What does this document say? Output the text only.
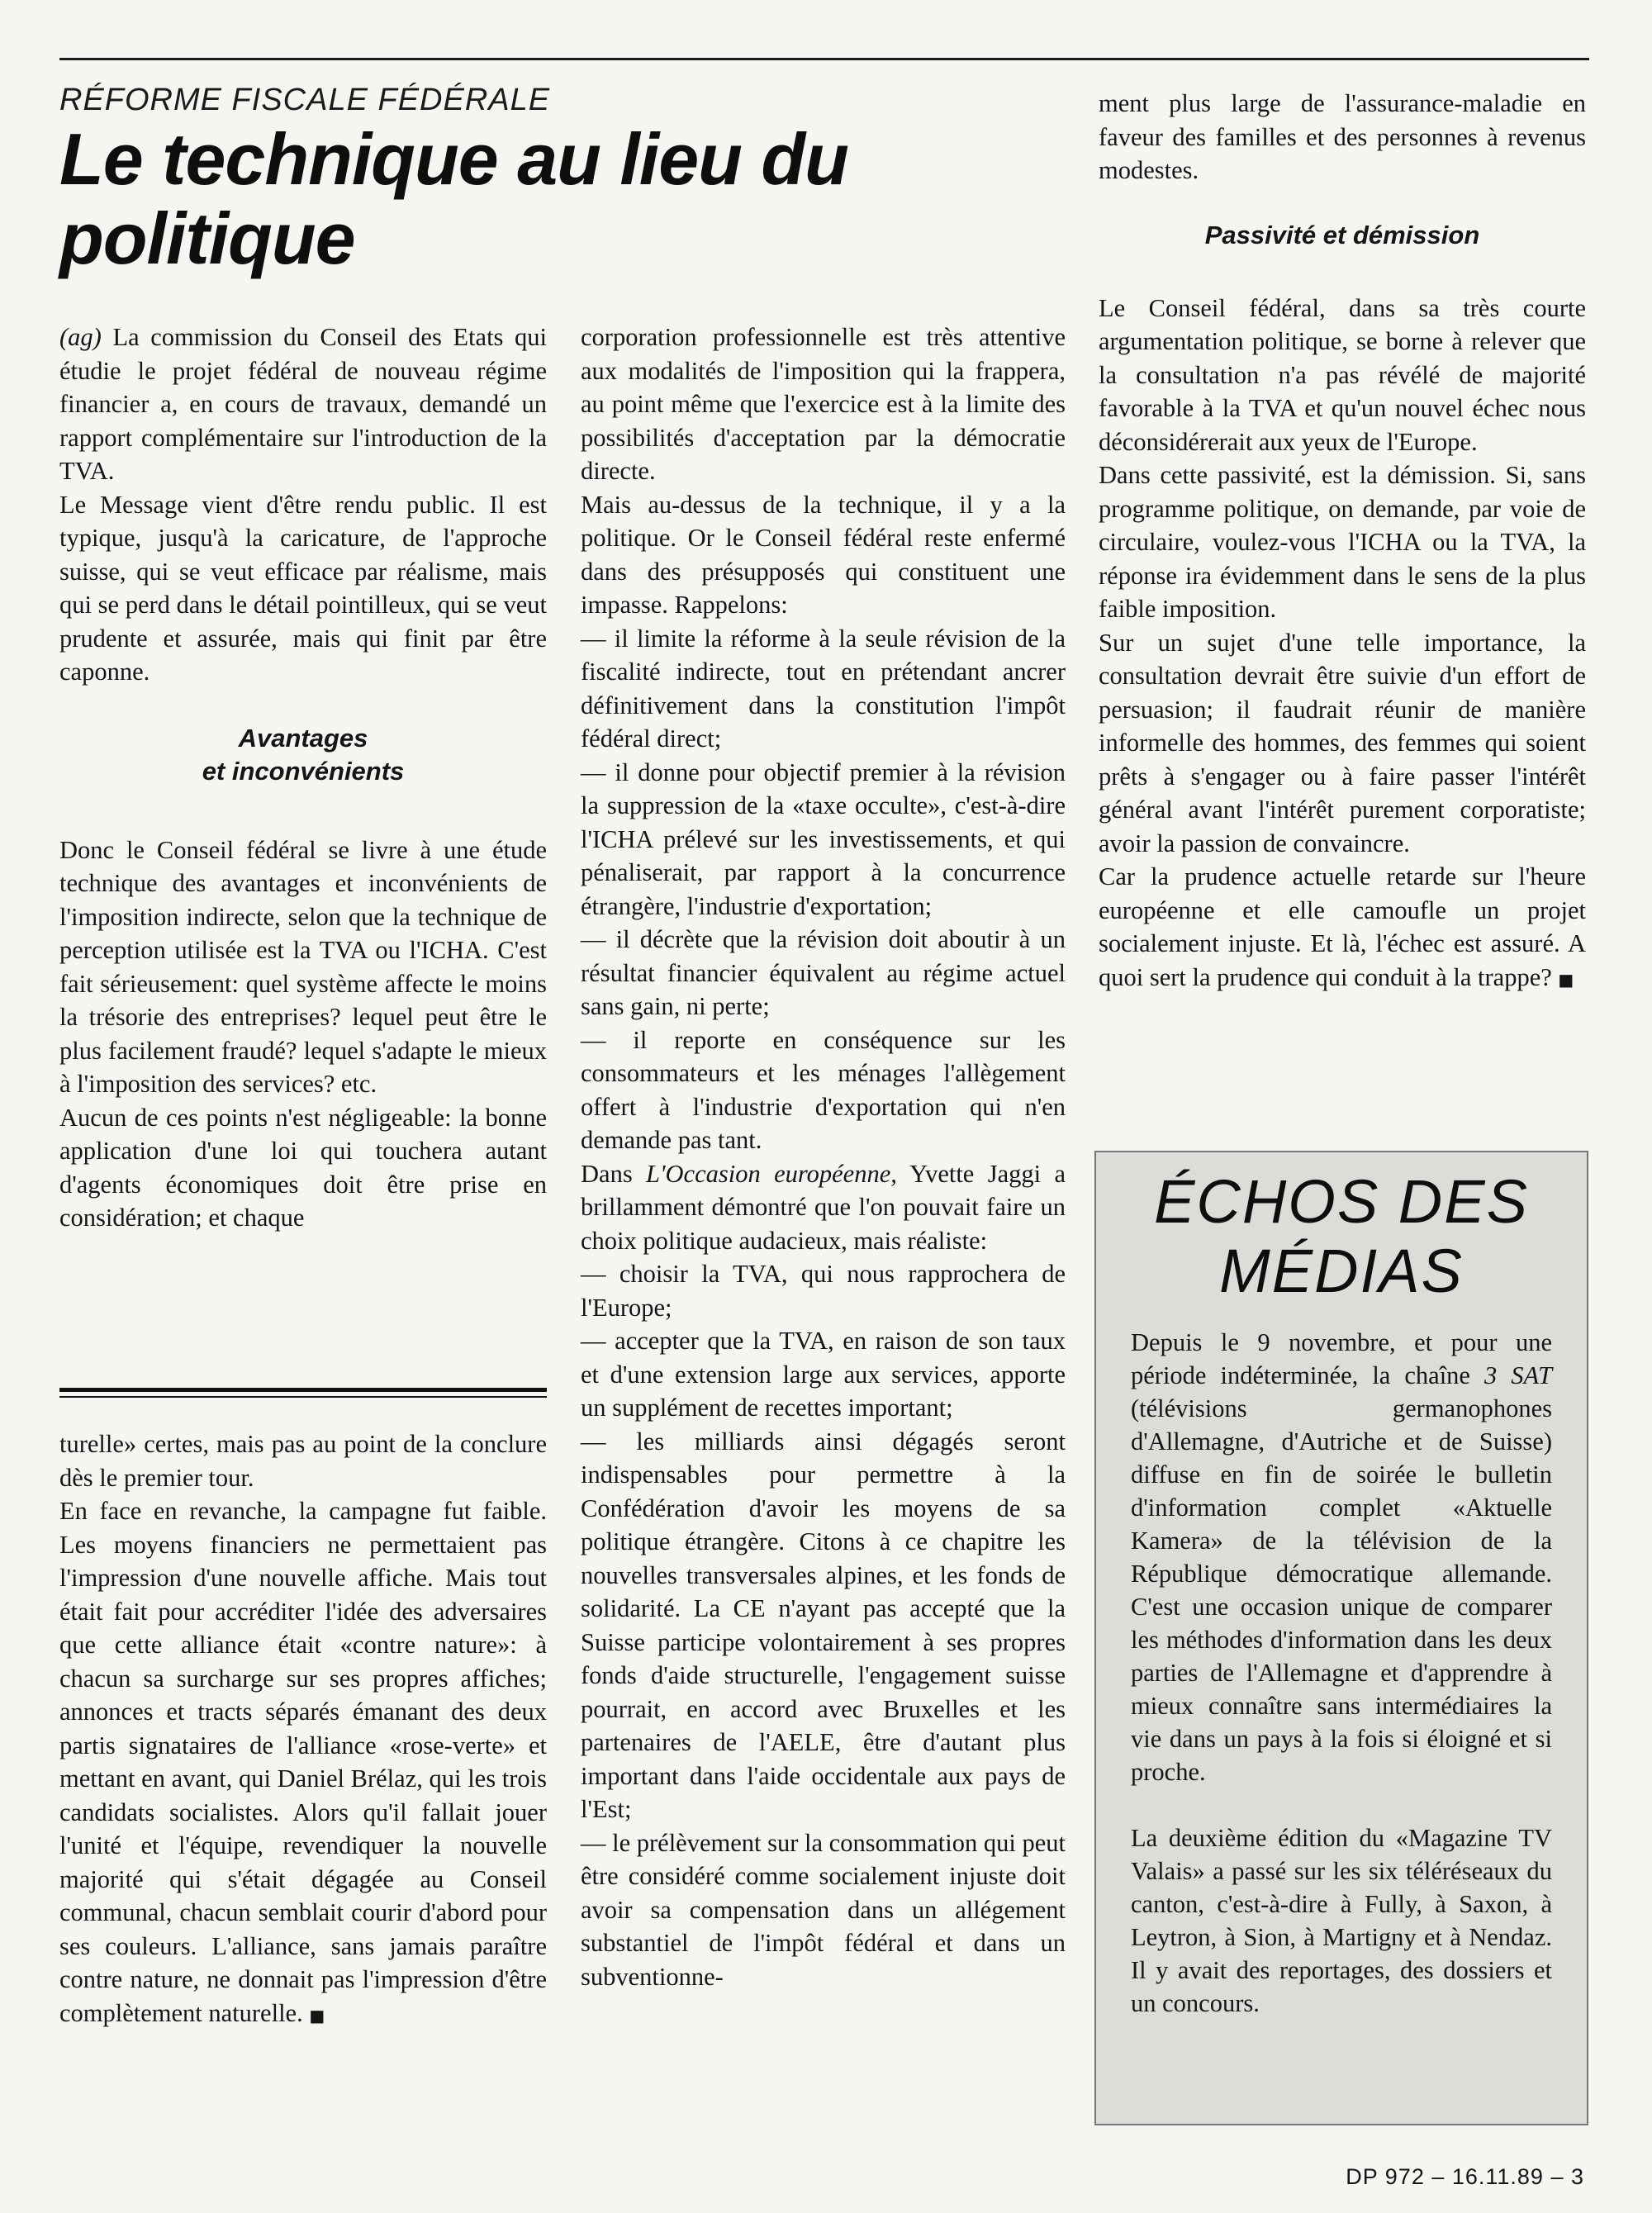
RÉFORME FISCALE FÉDÉRALE
Le technique au lieu du politique

(ag) La commission du Conseil des Etats qui étudie le projet fédéral de nouveau régime financier a, en cours de travaux, demandé un rapport complémentaire sur l'introduction de la TVA.

Le Message vient d'être rendu public. Il est typique, jusqu'à la caricature, de l'approche suisse, qui se veut efficace par réalisme, mais qui se perd dans le détail pointilleux, qui se veut prudente et assurée, mais qui finit par être caponne.

Avantages
et inconvénients

Donc le Conseil fédéral se livre à une étude technique des avantages et inconvénients de l'imposition indirecte, selon que la technique de perception utilisée est la TVA ou l'ICHA. C'est fait sérieusement: quel système affecte le moins la trésorie des entreprises? lequel peut être le plus facilement fraudé? lequel s'adapte le mieux à l'imposition des services? etc.

Aucun de ces points n'est négligeable: la bonne application d'une loi qui touchera autant d'agents économiques doit être prise en considération; et chaque

turelle» certes, mais pas au point de la conclure dès le premier tour.

En face en revanche, la campagne fut faible. Les moyens financiers ne permettaient pas l'impression d'une nouvelle affiche. Mais tout était fait pour accréditer l'idée des adversaires que cette alliance était «contre nature»: à chacun sa surcharge sur ses propres affiches; annonces et tracts séparés émanant des deux partis signataires de l'alliance «rose-verte» et mettant en avant, qui Daniel Brélaz, qui les trois candidats socialistes. Alors qu'il fallait jouer l'unité et l'équipe, revendiquer la nouvelle majorité qui s'était dégagée au Conseil communal, chacun semblait courir d'abord pour ses couleurs. L'alliance, sans jamais paraître contre nature, ne donnait pas l'impression d'être complètement naturelle. ■

corporation professionnelle est très attentive aux modalités de l'imposition qui la frappera, au point même que l'exercice est à la limite des possibilités d'acceptation par la démocratie directe.

Mais au-dessus de la technique, il y a la politique. Or le Conseil fédéral reste enfermé dans des présupposés qui constituent une impasse. Rappelons:

— il limite la réforme à la seule révision de la fiscalité indirecte, tout en prétendant ancrer définitivement dans la constitution l'impôt fédéral direct;

— il donne pour objectif premier à la révision la suppression de la «taxe occulte», c'est-à-dire l'ICHA prélevé sur les investissements, et qui pénaliserait, par rapport à la concurrence étrangère, l'industrie d'exportation;

— il décrète que la révision doit aboutir à un résultat financier équivalent au régime actuel sans gain, ni perte;

— il reporte en conséquence sur les consommateurs et les ménages l'allègement offert à l'industrie d'exportation qui n'en demande pas tant.

Dans L'Occasion européenne, Yvette Jaggi a brillamment démontré que l'on pouvait faire un choix politique audacieux, mais réaliste:

— choisir la TVA, qui nous rapprochera de l'Europe;

— accepter que la TVA, en raison de son taux et d'une extension large aux services, apporte un supplément de recettes important;

— les milliards ainsi dégagés seront indispensables pour permettre à la Confédération d'avoir les moyens de sa politique étrangère. Citons à ce chapitre les nouvelles transversales alpines, et les fonds de solidarité. La CE n'ayant pas accepté que la Suisse participe volontairement à ses propres fonds d'aide structurelle, l'engagement suisse pourrait, en accord avec Bruxelles et les partenaires de l'AELE, être d'autant plus important dans l'aide occidentale aux pays de l'Est;

— le prélèvement sur la consommation qui peut être considéré comme socialement injuste doit avoir sa compensation dans un allégement substantiel de l'impôt fédéral et dans un subventionne-

ment plus large de l'assurance-maladie en faveur des familles et des personnes à revenus modestes.

Passivité et démission

Le Conseil fédéral, dans sa très courte argumentation politique, se borne à relever que la consultation n'a pas révélé de majorité favorable à la TVA et qu'un nouvel échec nous déconsidérerait aux yeux de l'Europe.

Dans cette passivité, est la démission. Si, sans programme politique, on demande, par voie de circulaire, voulez-vous l'ICHA ou la TVA, la réponse ira évidemment dans le sens de la plus faible imposition.

Sur un sujet d'une telle importance, la consultation devrait être suivie d'un effort de persuasion; il faudrait réunir de manière informelle des hommes, des femmes qui soient prêts à s'engager ou à faire passer l'intérêt général avant l'intérêt purement corporatiste; avoir la passion de convaincre.

Car la prudence actuelle retarde sur l'heure européenne et elle camoufle un projet socialement injuste. Et là, l'échec est assuré. A quoi sert la prudence qui conduit à la trappe? ■

ÉCHOS DES
MÉDIAS

Depuis le 9 novembre, et pour une période indéterminée, la chaîne 3 SAT (télévisions germanophones d'Allemagne, d'Autriche et de Suisse) diffuse en fin de soirée le bulletin d'information complet «Aktuelle Kamera» de la télévision de la République démocratique allemande. C'est une occasion unique de comparer les méthodes d'information dans les deux parties de l'Allemagne et d'apprendre à mieux connaître sans intermédiaires la vie dans un pays à la fois si éloigné et si proche.

La deuxième édition du «Magazine TV Valais» a passé sur les six téléréseaux du canton, c'est-à-dire à Fully, à Saxon, à Leytron, à Sion, à Martigny et à Nendaz. Il y avait des reportages, des dossiers et un concours.

DP 972 – 16.11.89 – 3
